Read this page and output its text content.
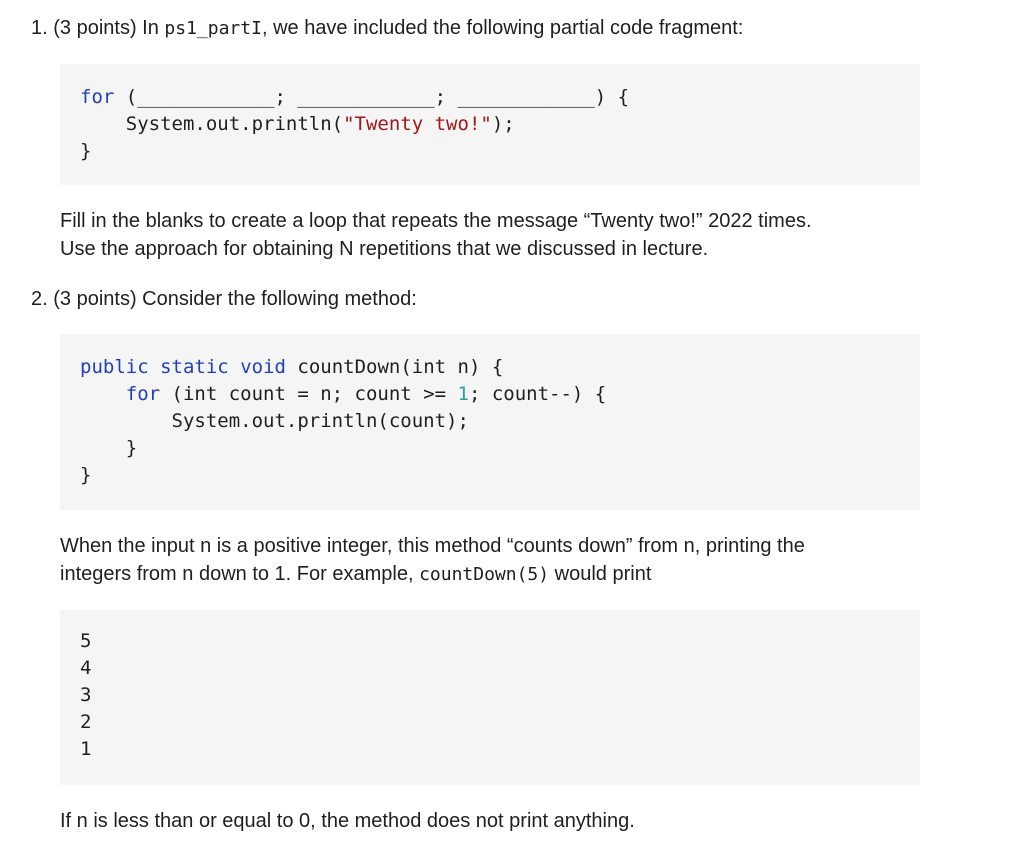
1. (3 points) In ps1_partI, we have included the following partial code fragment:
for (____________; ____________; ____________) {
System.out.println("Twenty two!");
}
Fill in the blanks to create a loop that repeats the message “Twenty two!” 2022 times.
Use the approach for obtaining N repetitions that we discussed in lecture.
2. (3 points) Consider the following method:
public static void countDown(int n) {
for (int count = n; count >= 1; count--) {
System.out.println(count);
}
}
When the input n is a positive integer, this method “counts down” from n, printing the
integers from n down to 1. For example, countDown(5) would print
5
4
3
2
1
If n is less than or equal to 0, the method does not print anything.
